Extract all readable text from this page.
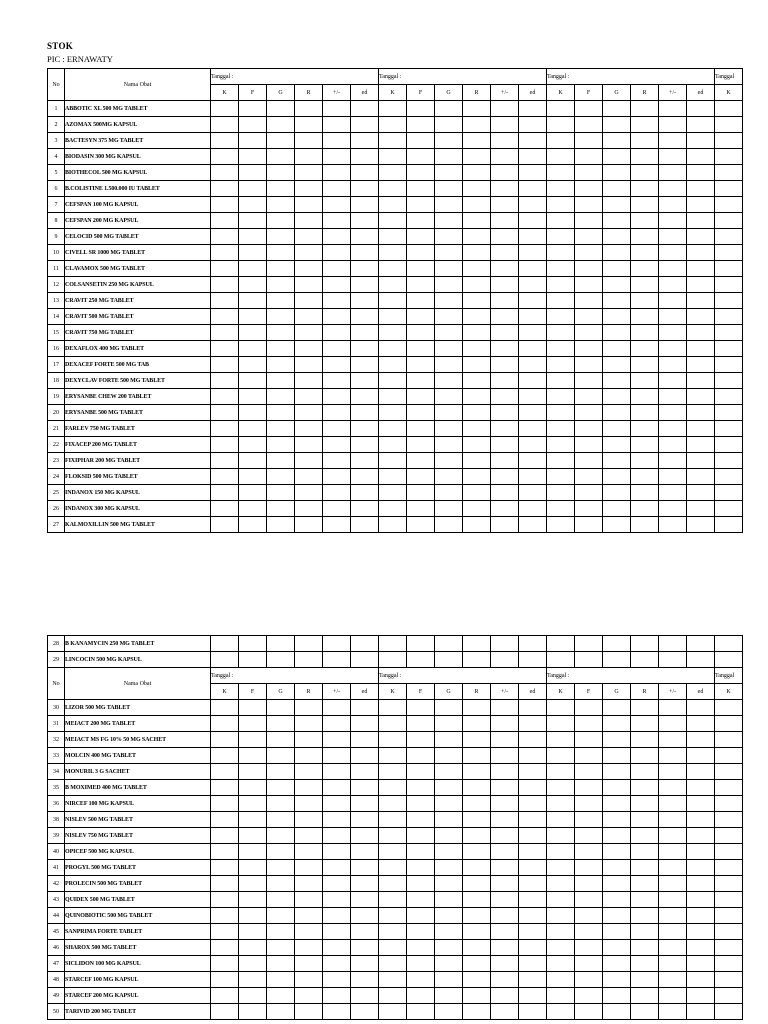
STOK
PIC : ERNAWATY
No	Nama Obat	Tanggal :						Tanggal :						Tanggal :						Tanggal
		K	F	G	R	+/-	ed	K	F	G	R	+/-	ed	K	F	G	R	+/-	ed	K
1	ABBOTIC XL 500 MG TABLET																			
2	AZOMAX 500MG KAPSUL																			
3	BACTESYN 375 MG TABLET																			
4	BIODASIN 300 MG KAPSUL																			
5	BIOTHECOL 500 MG KAPSUL																			
6	B.COLISTINE 1.500.000 IU TABLET																			
7	CEFSPAN 100 MG KAPSUL																			
8	CEFSPAN 200 MG KAPSUL																			
9	CELOCID 500 MG TABLET																			
10	CIVELL SR 1000 MG TABLET																			
11	CLAVAMOX 500 MG TABLET																			
12	COLSANSETIN 250 MG KAPSUL																			
13	CRAVIT 250 MG TABLET																			
14	CRAVIT 500 MG TABLET																			
15	CRAVIT 750 MG TABLET																			
16	DEXAFLOX 400 MG TABLET																			
17	DEXACEF FORTE 500 MG TAB																			
18	DEXYCLAV FORTE 500 MG TABLET																			
19	ERYSANBE CHEW 200 TABLET																			
20	ERYSANBE 500 MG TABLET																			
21	FARLEV 750 MG TABLET																			
22	FIXACEP 200 MG TABLET																			
23	FIXIPHAR 200 MG TABLET																			
24	FLOKSID 500 MG TABLET																			
25	INDANOX 150 MG KAPSUL																			
26	INDANOX 300 MG KAPSUL																			
27	KALMOXILLIN 500 MG TABLET																			
28	B KANAMYCIN 250 MG TABLET																			
29	LINCOCIN 500 MG KAPSUL																			
No	Nama Obat	Tanggal :						Tanggal :						Tanggal :						Tanggal
		K	F	G	R	+/-	ed	K	F	G	R	+/-	ed	K	F	G	R	+/-	ed	K
30	LIZOR 500 MG TABLET																			
31	MEIACT 200 MG TABLET																			
32	MEIACT MS FG 10% 50 MG SACHET																			
33	MOLCIN 400 MG TABLET																			
34	MONURIL 3 G SACHET																			
35	B MOXIMED 400 MG TABLET																			
36	NIRCEF 100 MG KAPSUL																			
38	NISLEV 500 MG TABLET																			
39	NISLEV 750 MG TABLET																			
40	OPICEF 500 MG KAPSUL																			
41	PROGYL 500 MG TABLET																			
42	PROLECIN 500 MG TABLET																			
43	QUIDEX 500 MG TABLET																			
44	QUINOBIOTIC 500 MG TABLET																			
45	SANPRIMA FORTE TABLET																			
46	SHAROX 500 MG TABLET																			
47	SICLIDON 100 MG KAPSUL																			
48	STARCEF 100 MG KAPSUL																			
49	STARCEF 200 MG KAPSUL																			
50	TARIVID 200 MG TABLET																			
